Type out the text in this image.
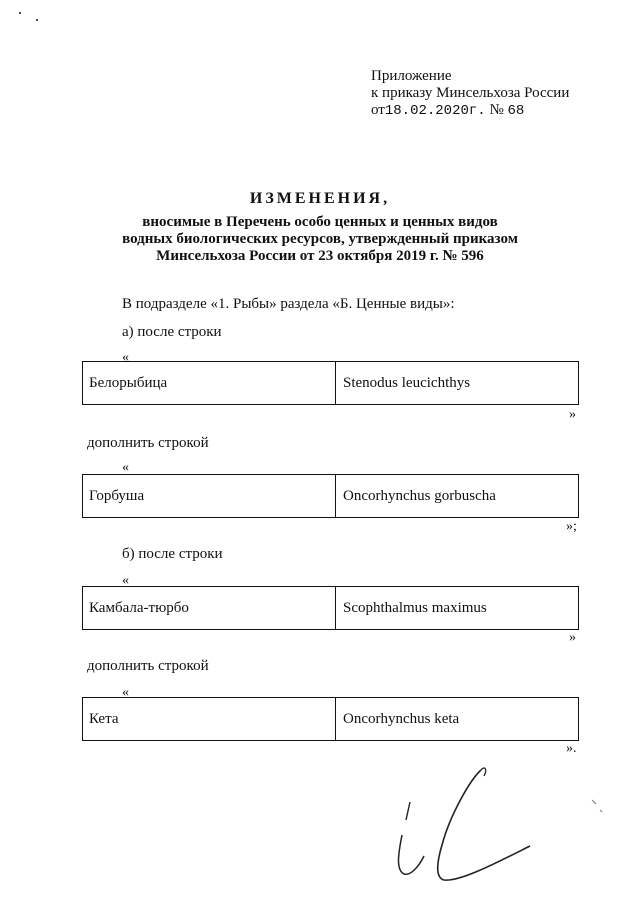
Приложение
к приказу Минсельхоза России
от18.02.2020г. № 68
ИЗМЕНЕНИЯ,
вносимые в Перечень особо ценных и ценных видов
водных биологических ресурсов, утвержденный приказом
Минсельхоза России от 23 октября 2019 г. № 596
В подразделе «1. Рыбы» раздела «Б. Ценные виды»:
а) после строки
«
Белорыбица	Stenodus leucichthys
»
дополнить строкой
«
Горбуша	Oncorhynchus gorbuscha
»;
б) после строки
«
Камбала-тюрбо	Scophthalmus maximus
»
дополнить строкой
«
Кета	Oncorhynchus keta
».
